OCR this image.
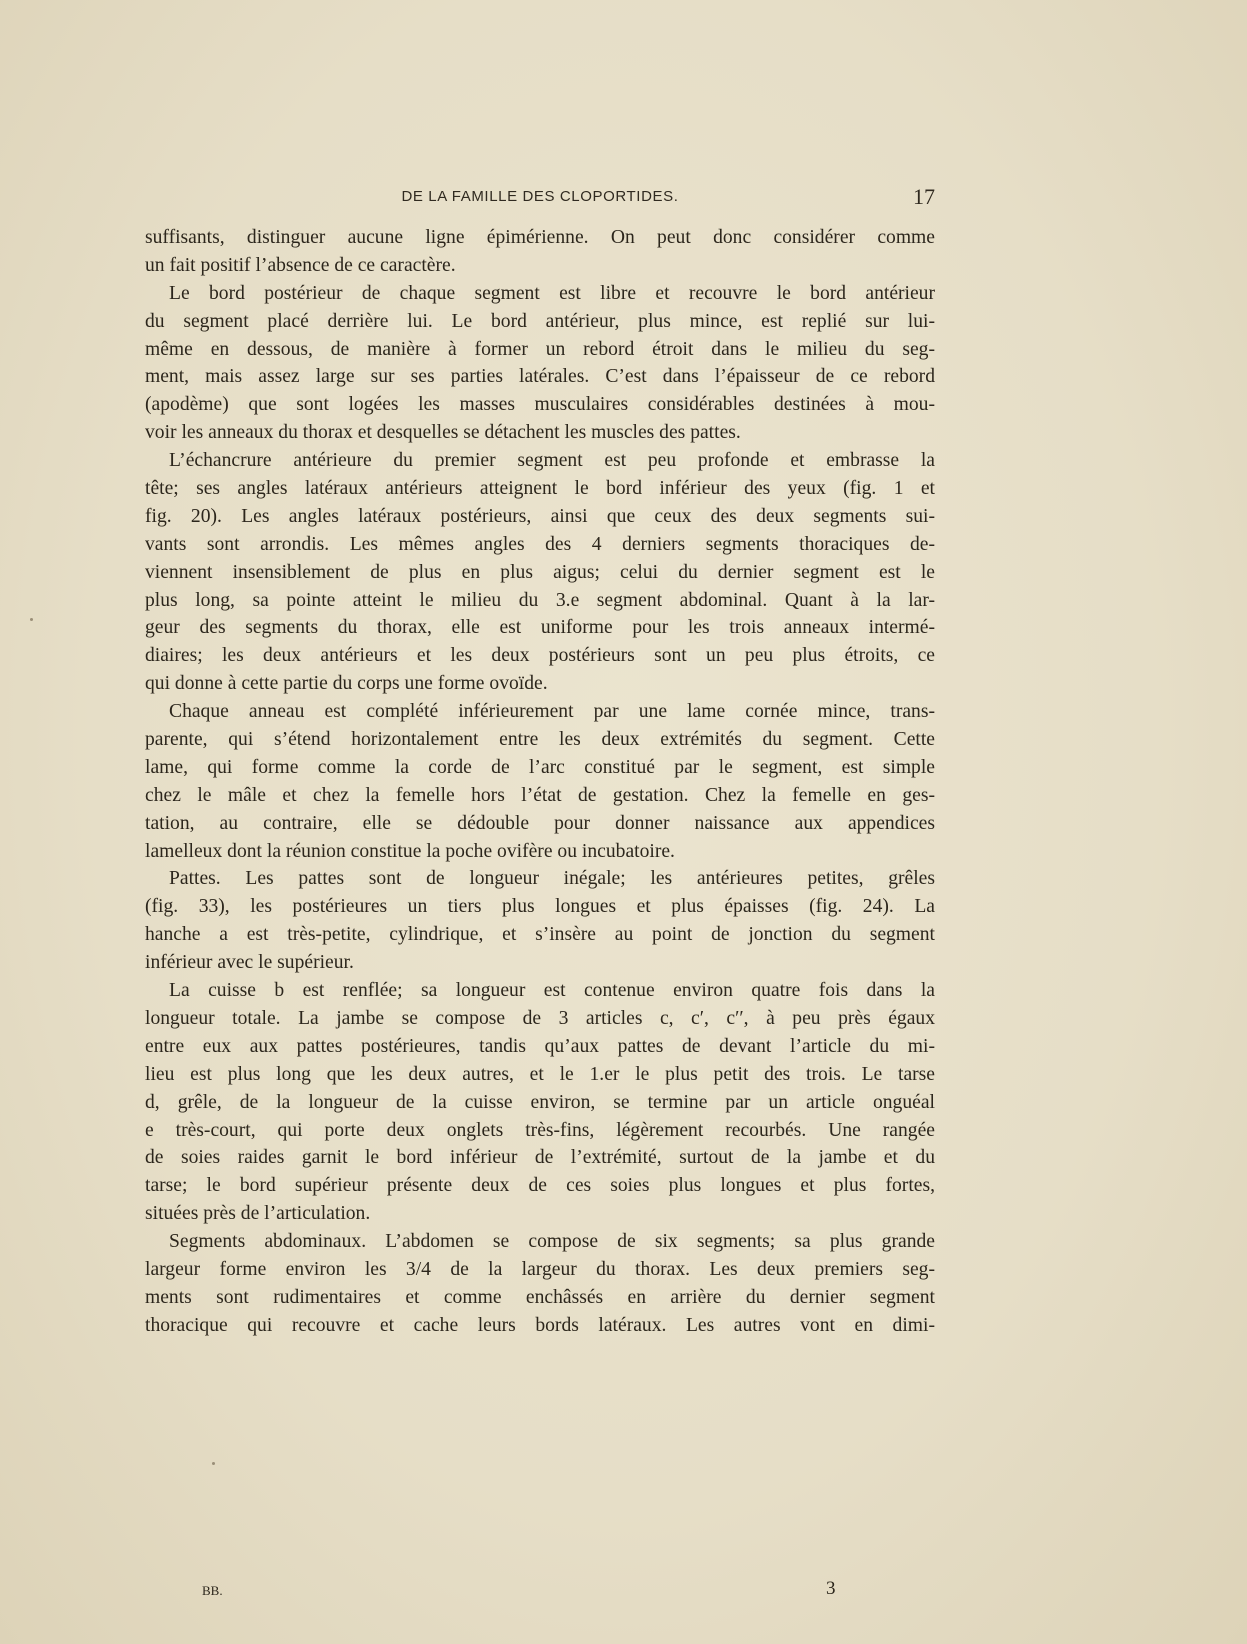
DE LA FAMILLE DES CLOPORTIDES.	17
suffisants, distinguer aucune ligne épimérienne. On peut donc considérer comme
un fait positif l’absence de ce caractère.
Le bord postérieur de chaque segment est libre et recouvre le bord antérieur
du segment placé derrière lui. Le bord antérieur, plus mince, est replié sur lui-
même en dessous, de manière à former un rebord étroit dans le milieu du seg-
ment, mais assez large sur ses parties latérales. C’est dans l’épaisseur de ce rebord
(apodème) que sont logées les masses musculaires considérables destinées à mou-
voir les anneaux du thorax et desquelles se détachent les muscles des pattes.
L’échancrure antérieure du premier segment est peu profonde et embrasse la
tête; ses angles latéraux antérieurs atteignent le bord inférieur des yeux (fig. 1 et
fig. 20). Les angles latéraux postérieurs, ainsi que ceux des deux segments sui-
vants sont arrondis. Les mêmes angles des 4 derniers segments thoraciques de-
viennent insensiblement de plus en plus aigus; celui du dernier segment est le
plus long, sa pointe atteint le milieu du 3.e segment abdominal. Quant à la lar-
geur des segments du thorax, elle est uniforme pour les trois anneaux intermé-
diaires; les deux antérieurs et les deux postérieurs sont un peu plus étroits, ce
qui donne à cette partie du corps une forme ovoïde.
Chaque anneau est complété inférieurement par une lame cornée mince, trans-
parente, qui s’étend horizontalement entre les deux extrémités du segment. Cette
lame, qui forme comme la corde de l’arc constitué par le segment, est simple
chez le mâle et chez la femelle hors l’état de gestation. Chez la femelle en ges-
tation, au contraire, elle se dédouble pour donner naissance aux appendices
lamelleux dont la réunion constitue la poche ovifère ou incubatoire.
Pattes. Les pattes sont de longueur inégale; les antérieures petites, grêles
(fig. 33), les postérieures un tiers plus longues et plus épaisses (fig. 24). La
hanche a est très-petite, cylindrique, et s’insère au point de jonction du segment
inférieur avec le supérieur.
La cuisse b est renflée; sa longueur est contenue environ quatre fois dans la
longueur totale. La jambe se compose de 3 articles c, c′, c′′, à peu près égaux
entre eux aux pattes postérieures, tandis qu’aux pattes de devant l’article du mi-
lieu est plus long que les deux autres, et le 1.er le plus petit des trois. Le tarse
d, grêle, de la longueur de la cuisse environ, se termine par un article onguéal
e très-court, qui porte deux onglets très-fins, légèrement recourbés. Une rangée
de soies raides garnit le bord inférieur de l’extrémité, surtout de la jambe et du
tarse; le bord supérieur présente deux de ces soies plus longues et plus fortes,
situées près de l’articulation.
Segments abdominaux. L’abdomen se compose de six segments; sa plus grande
largeur forme environ les 3/4 de la largeur du thorax. Les deux premiers seg-
ments sont rudimentaires et comme enchâssés en arrière du dernier segment
thoracique qui recouvre et cache leurs bords latéraux. Les autres vont en dimi-
BB.	3
